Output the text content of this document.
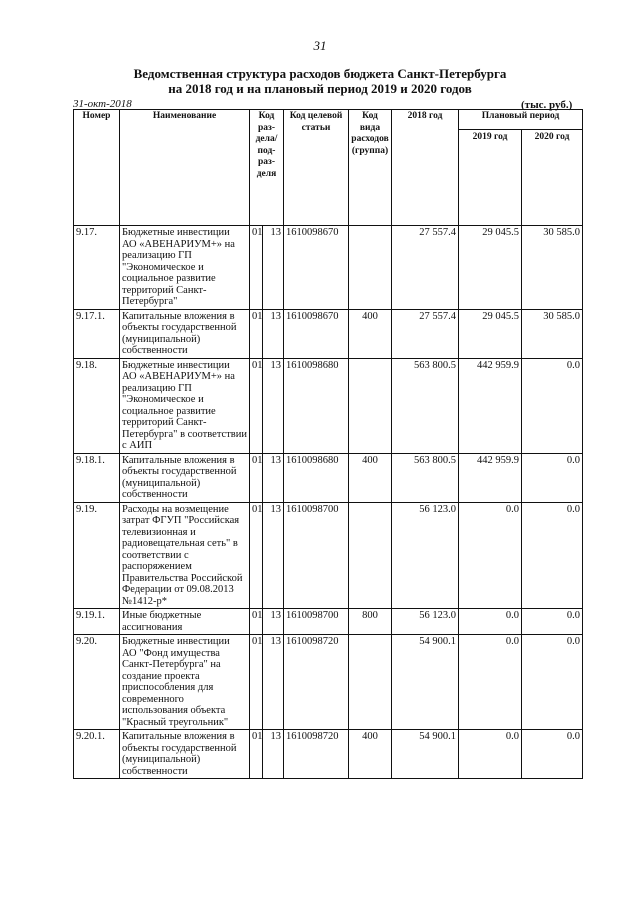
31
Ведомственная структура расходов бюджета Санкт-Петербурга
на 2018 год и на плановый период 2019 и 2020 годов
31-окт-2018	(тыс. руб.)
Номер	Наименование	Код раз-дела/ под-раз-деля		Код целевой статьи	Код вида расходов (группа)	2018 год	Плановый период	
							2019 год	2020 год
9.17.	Бюджетные инвестиции АО «АВЕНАРИУМ+» на реализацию ГП "Экономическое и социальное развитие территорий Санкт-Петербурга"	01	13	1610098670		27 557.4	29 045.5	30 585.0
9.17.1.	Капитальные вложения в объекты государственной (муниципальной) собственности	01	13	1610098670	400	27 557.4	29 045.5	30 585.0
9.18.	Бюджетные инвестиции АО «АВЕНАРИУМ+» на реализацию ГП "Экономическое и социальное развитие территорий Санкт-Петербурга" в соответствии с АИП	01	13	1610098680		563 800.5	442 959.9	0.0
9.18.1.	Капитальные вложения в объекты государственной (муниципальной) собственности	01	13	1610098680	400	563 800.5	442 959.9	0.0
9.19.	Расходы на возмещение затрат ФГУП "Российская телевизионная и радиовещательная сеть" в соответствии с распоряжением Правительства Российской Федерации от 09.08.2013 №1412-р*	01	13	1610098700		56 123.0	0.0	0.0
9.19.1.	Иные бюджетные ассигнования	01	13	1610098700	800	56 123.0	0.0	0.0
9.20.	Бюджетные инвестиции АО "Фонд имущества Санкт-Петербурга" на создание проекта приспособления для современного использования объекта "Красный треугольник"	01	13	1610098720		54 900.1	0.0	0.0
9.20.1.	Капитальные вложения в объекты государственной (муниципальной) собственности	01	13	1610098720	400	54 900.1	0.0	0.0
